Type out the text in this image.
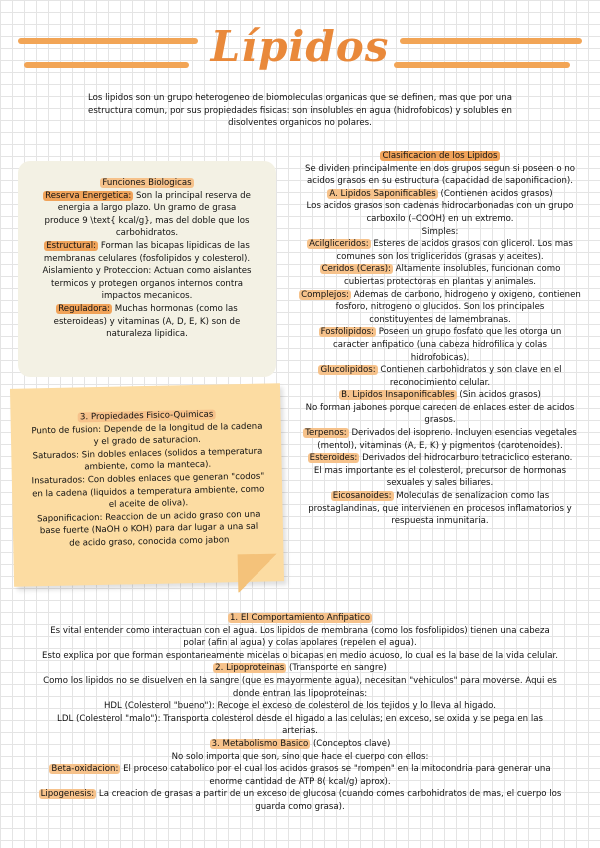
Lípidos
Los lipidos son un grupo heterogeneo de biomoleculas organicas que se definen, mas que por una
estructura comun, por sus propiedades fisicas: son insolubles en agua (hidrofobicos) y solubles en
disolventes organicos no polares.
Funciones Biologicas
Reserva Energetica: Son la principal reserva de
energia a largo plazo. Un gramo de grasa
produce 9 \text{ kcal/g}, mas del doble que los
carbohidratos.
Estructural: Forman las bicapas lipidicas de las
membranas celulares (fosfolipidos y colesterol).
Aislamiento y Proteccion: Actuan como aislantes
termicos y protegen organos internos contra
impactos mecanicos.
Reguladora: Muchas hormonas (como las
esteroideas) y vitaminas (A, D, E, K) son de
naturaleza lipidica.
3. Propiedades Fisico-Quimicas
Punto de fusion: Depende de la longitud de la cadena
y el grado de saturacion.
Saturados: Sin dobles enlaces (solidos a temperatura
ambiente, como la manteca).
Insaturados: Con dobles enlaces que generan "codos"
en la cadena (liquidos a temperatura ambiente, como
el aceite de oliva).
Saponificacion: Reaccion de un acido graso con una
base fuerte (NaOH o KOH) para dar lugar a una sal
de acido graso, conocida como jabon
Clasificacion de los Lipidos
Se dividen principalmente en dos grupos segun si poseen o no
acidos grasos en su estructura (capacidad de saponificacion).
A. Lipidos Saponificables (Contienen acidos grasos)
Los acidos grasos son cadenas hidrocarbonadas con un grupo
carboxilo (–COOH) en un extremo.
Simples:
Acilgliceridos: Esteres de acidos grasos con glicerol. Los mas
comunes son los trigliceridos (grasas y aceites).
Ceridos (Ceras): Altamente insolubles, funcionan como
cubiertas protectoras en plantas y animales.
Complejos: Ademas de carbono, hidrogeno y oxigeno, contienen
fosforo, nitrogeno o glucidos. Son los principales
constituyentes de lamembranas.
Fosfolipidos: Poseen un grupo fosfato que les otorga un
caracter anfipatico (una cabeza hidrofilica y colas
hidrofobicas).
Glucolipidos: Contienen carbohidratos y son clave en el
reconocimiento celular.
B. Lipidos Insaponificables (Sin acidos grasos)
No forman jabones porque carecen de enlaces ester de acidos
grasos.
Terpenos: Derivados del isopreno. Incluyen esencias vegetales
(mentol), vitaminas (A, E, K) y pigmentos (carotenoides).
Esteroides: Derivados del hidrocarburo tetraciclico esterano.
El mas importante es el colesterol, precursor de hormonas
sexuales y sales biliares.
Eicosanoides: Moleculas de senalizacion como las
prostaglandinas, que intervienen en procesos inflamatorios y
respuesta inmunitaria.
1. El Comportamiento Anfipatico
Es vital entender como interactuan con el agua. Los lipidos de membrana (como los fosfolipidos) tienen una cabeza
polar (afin al agua) y colas apolares (repelen el agua).
Esto explica por que forman espontaneamente micelas o bicapas en medio acuoso, lo cual es la base de la vida celular.
2. Lipoproteinas (Transporte en sangre)
Como los lipidos no se disuelven en la sangre (que es mayormente agua), necesitan "vehiculos" para moverse. Aqui es
donde entran las lipoproteinas:
HDL (Colesterol "bueno"): Recoge el exceso de colesterol de los tejidos y lo lleva al higado.
LDL (Colesterol "malo"): Transporta colesterol desde el higado a las celulas; en exceso, se oxida y se pega en las
arterias.
3. Metabolismo Basico (Conceptos clave)
No solo importa que son, sino que hace el cuerpo con ellos:
Beta-oxidacion: El proceso catabolico por el cual los acidos grasos se "rompen" en la mitocondria para generar una
enorme cantidad de ATP 8( kcal/g) aprox).
Lipogenesis: La creacion de grasas a partir de un exceso de glucosa (cuando comes carbohidratos de mas, el cuerpo los
guarda como grasa).
